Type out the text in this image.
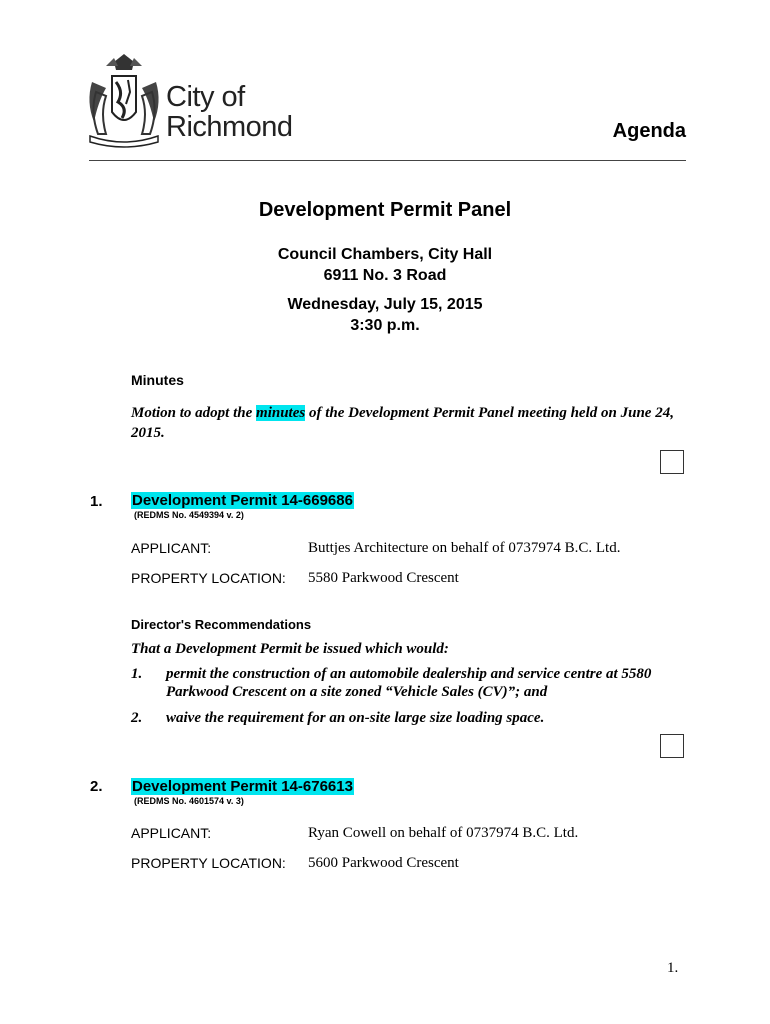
City of
Richmond	Agenda
Development Permit Panel
Council Chambers, City Hall
6911 No. 3 Road
Wednesday, July 15, 2015
3:30 p.m.
Minutes
Motion to adopt the minutes of the Development Permit Panel meeting held on June 24,
2015.
1. Development Permit 14-669686
(REDMS No. 4549394 v. 2)
APPLICANT:	Buttjes Architecture on behalf of 0737974 B.C. Ltd.
PROPERTY LOCATION: 5580 Parkwood Crescent
Director's Recommendations
That a Development Permit be issued which would:
1. permit the construction of an automobile dealership and service centre at 5580
Parkwood Crescent on a site zoned “Vehicle Sales (CV)”; and
2. waive the requirement for an on-site large size loading space.
2. Development Permit 14-676613
(REDMS No. 4601574 v. 3)
APPLICANT:	Ryan Cowell on behalf of 0737974 B.C. Ltd.
PROPERTY LOCATION: 5600 Parkwood Crescent
1.
